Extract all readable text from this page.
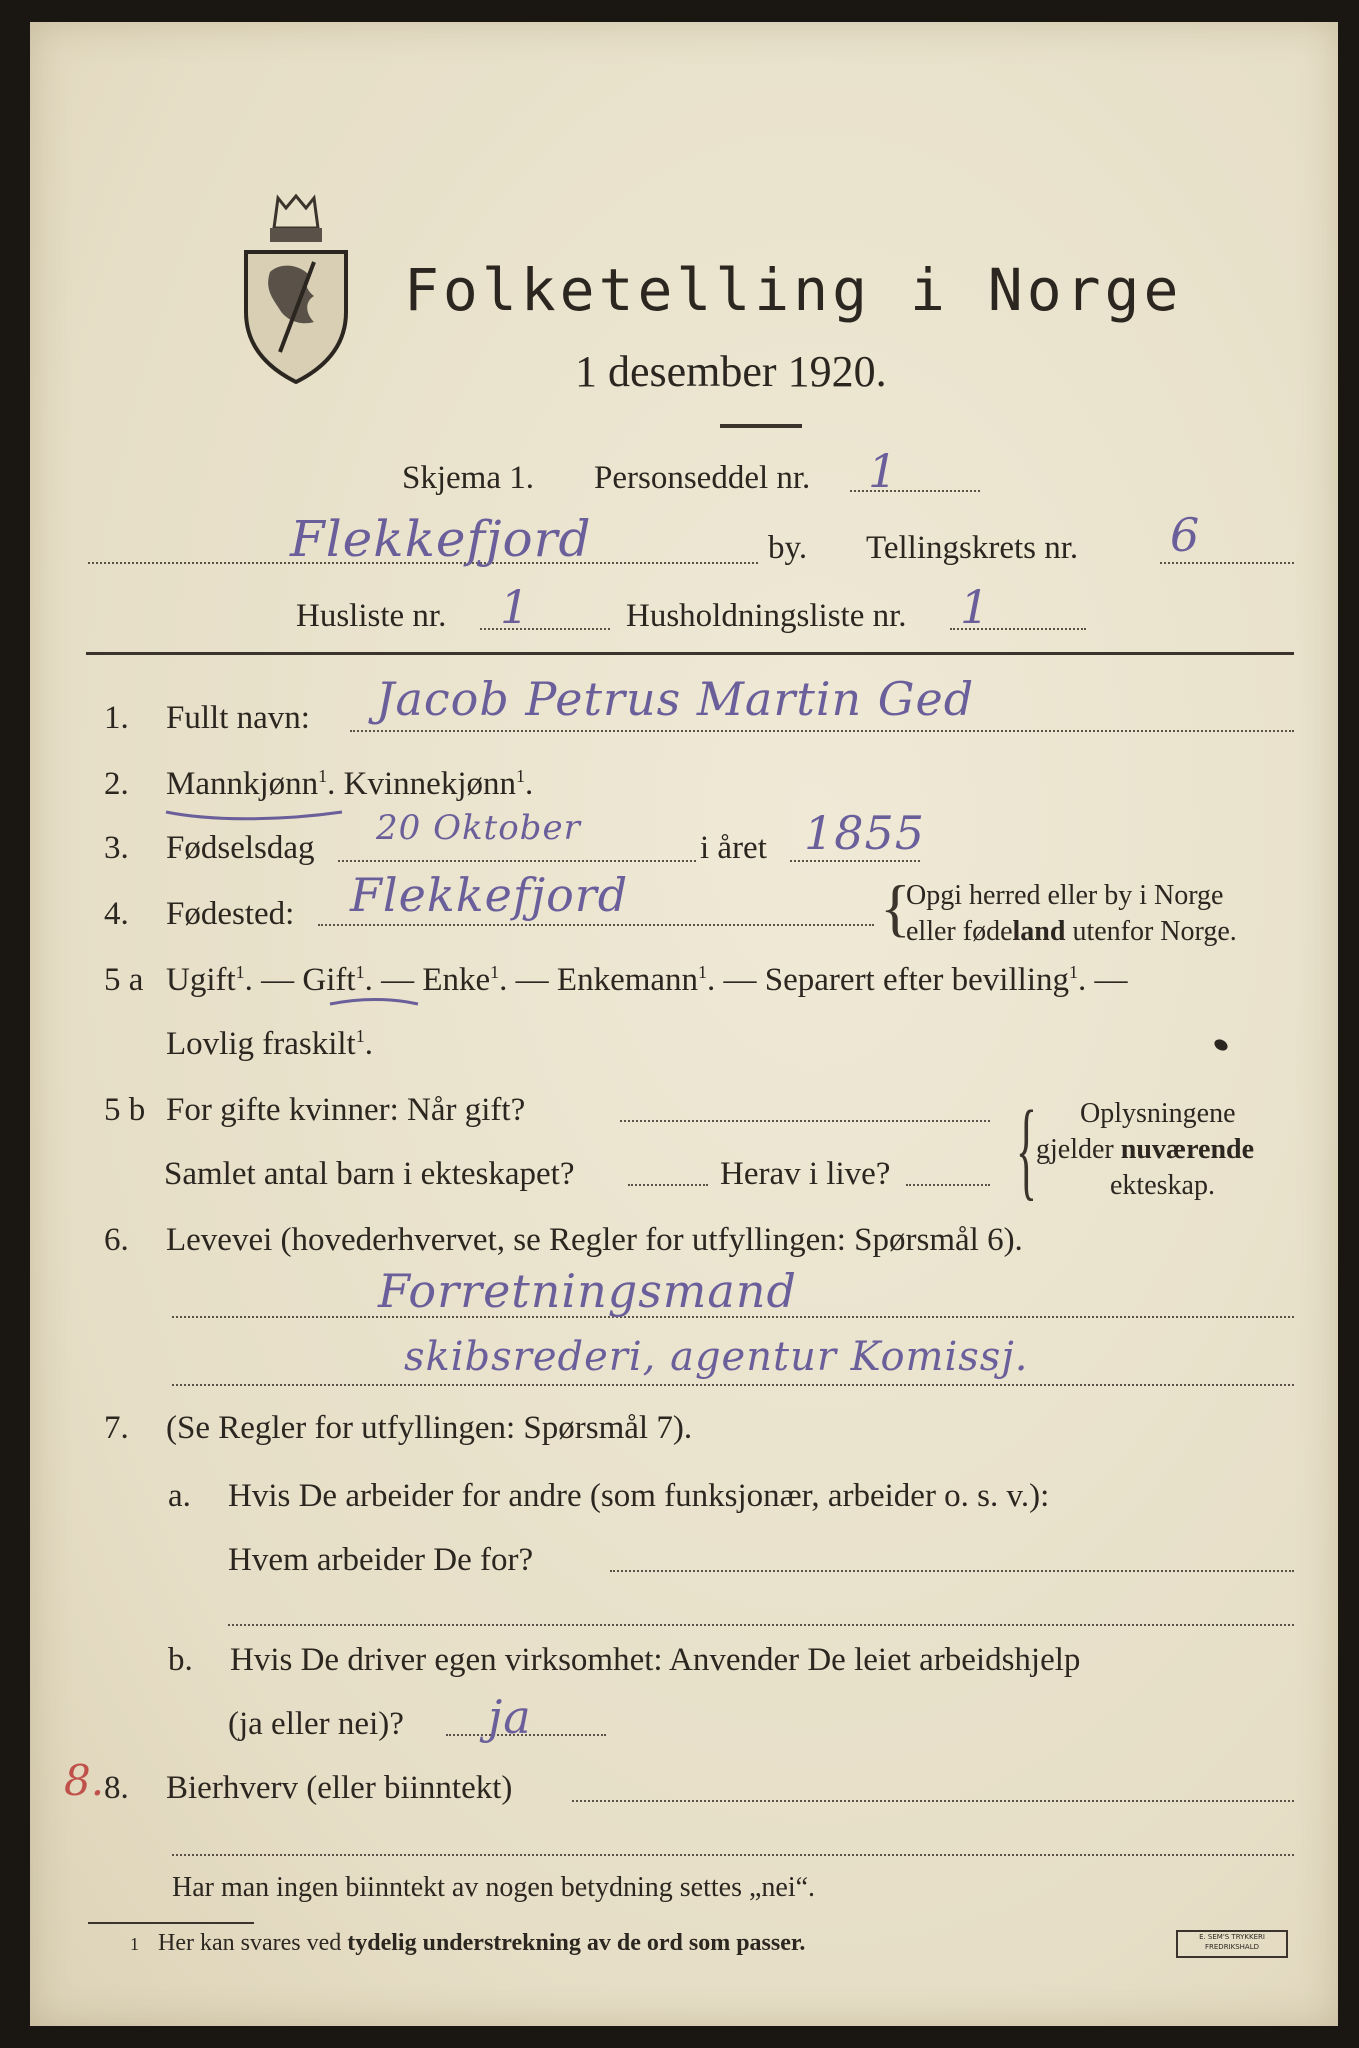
Folketelling i Norge
1 desember 1920.
Skjema 1. Personseddel nr. 1
Flekkefjord	by. Tellingskrets nr. 6
Husliste nr. 1	Husholdningsliste nr. 1
1. Fullt navn: Jacob Petrus Martin Ged
2. Mannkjønn$^1$. Kvinnekjønn$^1$.
3. Fødselsdag 20 Oktober	i året 1855
4. Fødested: Flekkefjord	{
Opgi herred eller by i Norge
eller fødeland utenfor Norge.
5 a Ugift$^1$. — Gift$^1$. — Enke$^1$. — Enkemann$^1$. — Separert efter bevilling$^1$. —
Lovlig fraskilt$^1$.
5 b For gifte kvinner: Når gift?
Samlet antal barn i ekteskapet?	Herav i live? { Oplysningene
gjelder nuværende
ekteskap.
6. Levevei (hovederhvervet, se Regler for utfyllingen: Spørsmål 6).
Forretningsmand
skibsrederi, agentur Komissj.
7. (Se Regler for utfyllingen: Spørsmål 7).
a. Hvis De arbeider for andre (som funksjonær, arbeider o. s. v.):
Hvem arbeider De for?
b. Hvis De driver egen virksomhet: Anvender De leiet arbeidshjelp
(ja eller nei)? ja
8. 8. Bierhverv (eller biinntekt)
Har man ingen biinntekt av nogen betydning settes „nei“.
1 Her kan svares ved tydelig understrekning av de ord som passer.	E. SEM'S TRYKKERI FREDRIKSHALD
